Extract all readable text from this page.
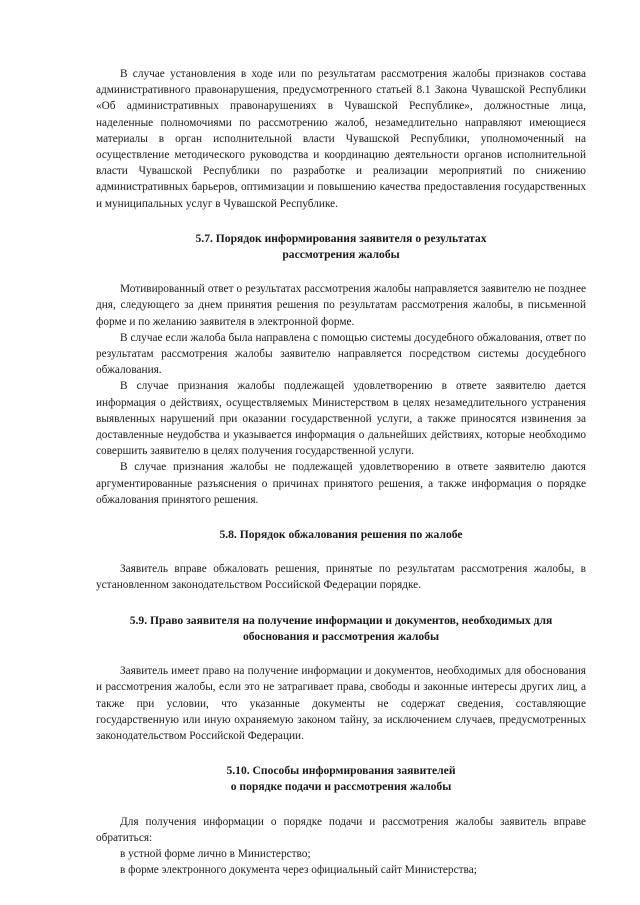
В случае установления в ходе или по результатам рассмотрения жалобы признаков состава административного правонарушения, предусмотренного статьей 8.1 Закона Чувашской Республики «Об административных правонарушениях в Чувашской Республике», должностные лица, наделенные полномочиями по рассмотрению жалоб, незамедлительно направляют имеющиеся материалы в орган исполнительной власти Чувашской Республики, уполномоченный на осуществление методического руководства и координацию деятельности органов исполнительной власти Чувашской Республики по разработке и реализации мероприятий по снижению административных барьеров, оптимизации и повышению качества предоставления государственных и муниципальных услуг в Чувашской Республике.

5.7. Порядок информирования заявителя о результатах
рассмотрения жалобы

Мотивированный ответ о результатах рассмотрения жалобы направляется заявителю не позднее дня, следующего за днем принятия решения по результатам рассмотрения жалобы, в письменной форме и по желанию заявителя в электронной форме.

В случае если жалоба была направлена с помощью системы досудебного обжалования, ответ по результатам рассмотрения жалобы заявителю направляется посредством системы досудебного обжалования.

В случае признания жалобы подлежащей удовлетворению в ответе заявителю дается информация о действиях, осуществляемых Министерством в целях незамедлительного устранения выявленных нарушений при оказании государственной услуги, а также приносятся извинения за доставленные неудобства и указывается информация о дальнейших действиях, которые необходимо совершить заявителю в целях получения государственной услуги.

В случае признания жалобы не подлежащей удовлетворению в ответе заявителю даются аргументированные разъяснения о причинах принятого решения, а также информация о порядке обжалования принятого решения.

5.8. Порядок обжалования решения по жалобе

Заявитель вправе обжаловать решения, принятые по результатам рассмотрения жалобы, в установленном законодательством Российской Федерации порядке.

5.9. Право заявителя на получение информации и документов, необходимых для обоснования и рассмотрения жалобы

Заявитель имеет право на получение информации и документов, необходимых для обоснования и рассмотрения жалобы, если это не затрагивает права, свободы и законные интересы других лиц, а также при условии, что указанные документы не содержат сведения, составляющие государственную или иную охраняемую законом тайну, за исключением случаев, предусмотренных законодательством Российской Федерации.

5.10. Способы информирования заявителей
о порядке подачи и рассмотрения жалобы

Для получения информации о порядке подачи и рассмотрения жалобы заявитель вправе обратиться:

в устной форме лично в Министерство;

в форме электронного документа через официальный сайт Министерства;
